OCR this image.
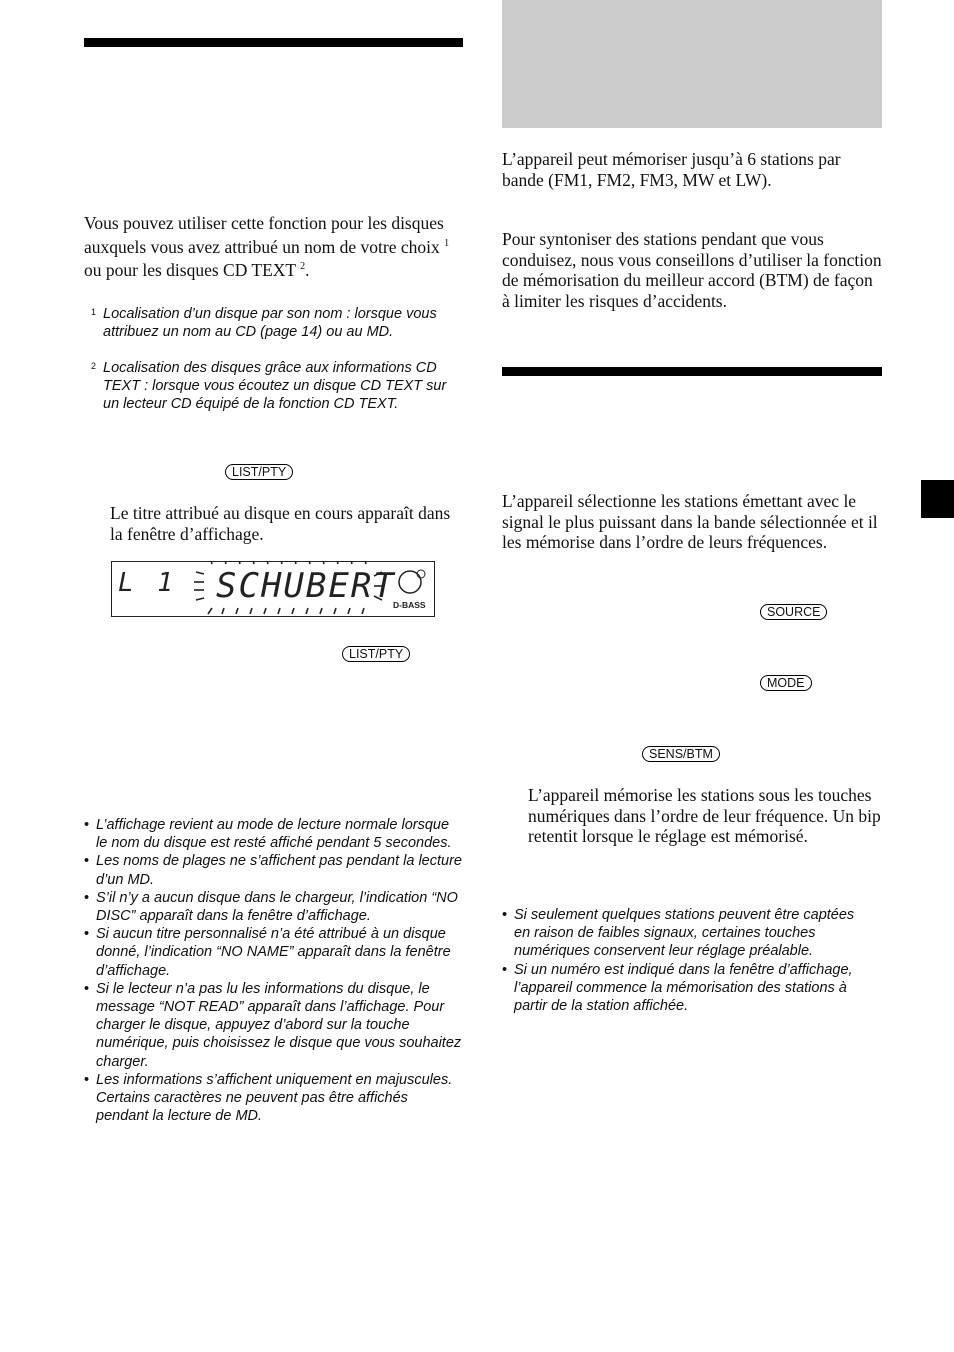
Vous pouvez utiliser cette fonction pour les disques auxquels vous avez attribué un nom de votre choix $^1$ ou pour les disques CD TEXT $^2$.

1 Localisation d’un disque par son nom : lorsque vous attribuez un nom au CD (page 14) ou au MD.
2 Localisation des disques grâce aux informations CD TEXT : lorsque vous écoutez un disque CD TEXT sur un lecteur CD équipé de la fonction CD TEXT.
LIST/PTY

Le titre attribué au disque en cours apparaît dans la fenêtre d’affichage.

L 1 SCHUBERT
D-BASS
LIST/PTY
• L’affichage revient au mode de lecture normale lorsque le nom du disque est resté affiché pendant 5 secondes.
• Les noms de plages ne s’affichent pas pendant la lecture d’un MD.
• S’il n’y a aucun disque dans le chargeur, l’indication “NO DISC” apparaît dans la fenêtre d’affichage.
• Si aucun titre personnalisé n’a été attribué à un disque donné, l’indication “NO NAME” apparaît dans la fenêtre d’affichage.
• Si le lecteur n’a pas lu les informations du disque, le message “NOT READ” apparaît dans l’affichage. Pour charger le disque, appuyez d’abord sur la touche numérique, puis choisissez le disque que vous souhaitez charger.
• Les informations s’affichent uniquement en majuscules. Certains caractères ne peuvent pas être affichés pendant la lecture de MD.

L’appareil peut mémoriser jusqu’à 6 stations par bande (FM1, FM2, FM3, MW et LW).

Pour syntoniser des stations pendant que vous conduisez, nous vous conseillons d’utiliser la fonction de mémorisation du meilleur accord (BTM) de façon à limiter les risques d’accidents.

L’appareil sélectionne les stations émettant avec le signal le plus puissant dans la bande sélectionnée et il les mémorise dans l’ordre de leurs fréquences.

SOURCE
MODE
SENS/BTM

L’appareil mémorise les stations sous les touches numériques dans l’ordre de leur fréquence. Un bip retentit lorsque le réglage est mémorisé.

• Si seulement quelques stations peuvent être captées en raison de faibles signaux, certaines touches numériques conservent leur réglage préalable.
• Si un numéro est indiqué dans la fenêtre d’affichage, l’appareil commence la mémorisation des stations à partir de la station affichée.
